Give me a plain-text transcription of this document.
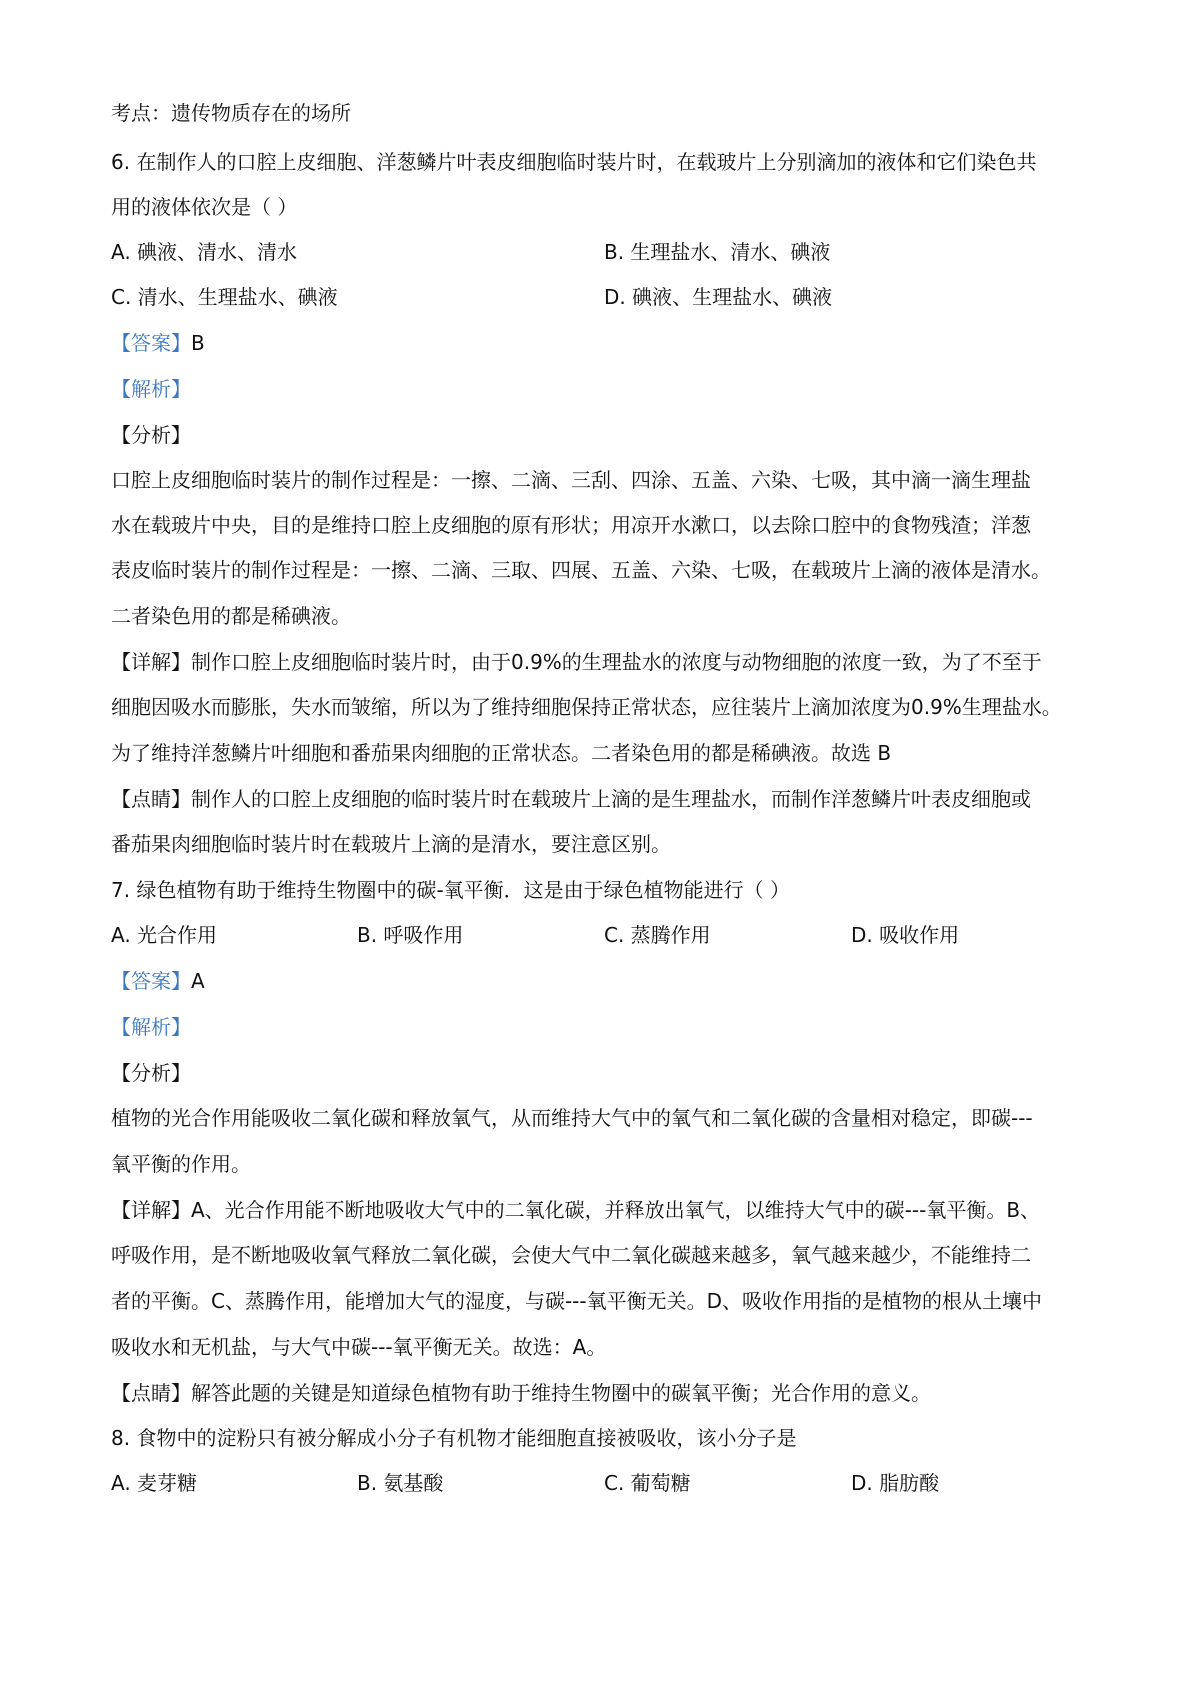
考点：遗传物质存在的场所

6. 在制作人的口腔上皮细胞、洋葱鳞片叶表皮细胞临时装片时，在载玻片上分别滴加的液体和它们染色共

用的液体依次是（ ）

A. 碘液、清水、清水	B. 生理盐水、清水、碘液

C. 清水、生理盐水、碘液	D. 碘液、生理盐水、碘液

【答案】B

【解析】

【分析】

口腔上皮细胞临时装片的制作过程是：一擦、二滴、三刮、四涂、五盖、六染、七吸，其中滴一滴生理盐

水在载玻片中央，目的是维持口腔上皮细胞的原有形状；用凉开水漱口，以去除口腔中的食物残渣；洋葱

表皮临时装片的制作过程是：一擦、二滴、三取、四展、五盖、六染、七吸，在载玻片上滴的液体是清水。

二者染色用的都是稀碘液。

【详解】制作口腔上皮细胞临时装片时，由于0.9%的生理盐水的浓度与动物细胞的浓度一致，为了不至于

细胞因吸水而膨胀，失水而皱缩，所以为了维持细胞保持正常状态，应往装片上滴加浓度为0.9%生理盐水。

为了维持洋葱鳞片叶细胞和番茄果肉细胞的正常状态。二者染色用的都是稀碘液。故选 B

【点睛】制作人的口腔上皮细胞的临时装片时在载玻片上滴的是生理盐水，而制作洋葱鳞片叶表皮细胞或

番茄果肉细胞临时装片时在载玻片上滴的是清水，要注意区别。

7. 绿色植物有助于维持生物圈中的碳-氧平衡．这是由于绿色植物能进行（ ）

A. 光合作用	B. 呼吸作用	C. 蒸腾作用	D. 吸收作用

【答案】A

【解析】

【分析】

植物的光合作用能吸收二氧化碳和释放氧气，从而维持大气中的氧气和二氧化碳的含量相对稳定，即碳---

氧平衡的作用。

【详解】A、光合作用能不断地吸收大气中的二氧化碳，并释放出氧气，以维持大气中的碳---氧平衡。B、

呼吸作用，是不断地吸收氧气释放二氧化碳，会使大气中二氧化碳越来越多，氧气越来越少，不能维持二

者的平衡。C、蒸腾作用，能增加大气的湿度，与碳---氧平衡无关。D、吸收作用指的是植物的根从土壤中

吸收水和无机盐，与大气中碳---氧平衡无关。故选：A。

【点睛】解答此题的关键是知道绿色植物有助于维持生物圈中的碳氧平衡；光合作用的意义。

8. 食物中的淀粉只有被分解成小分子有机物才能细胞直接被吸收，该小分子是

A. 麦芽糖	B. 氨基酸	C. 葡萄糖	D. 脂肪酸
